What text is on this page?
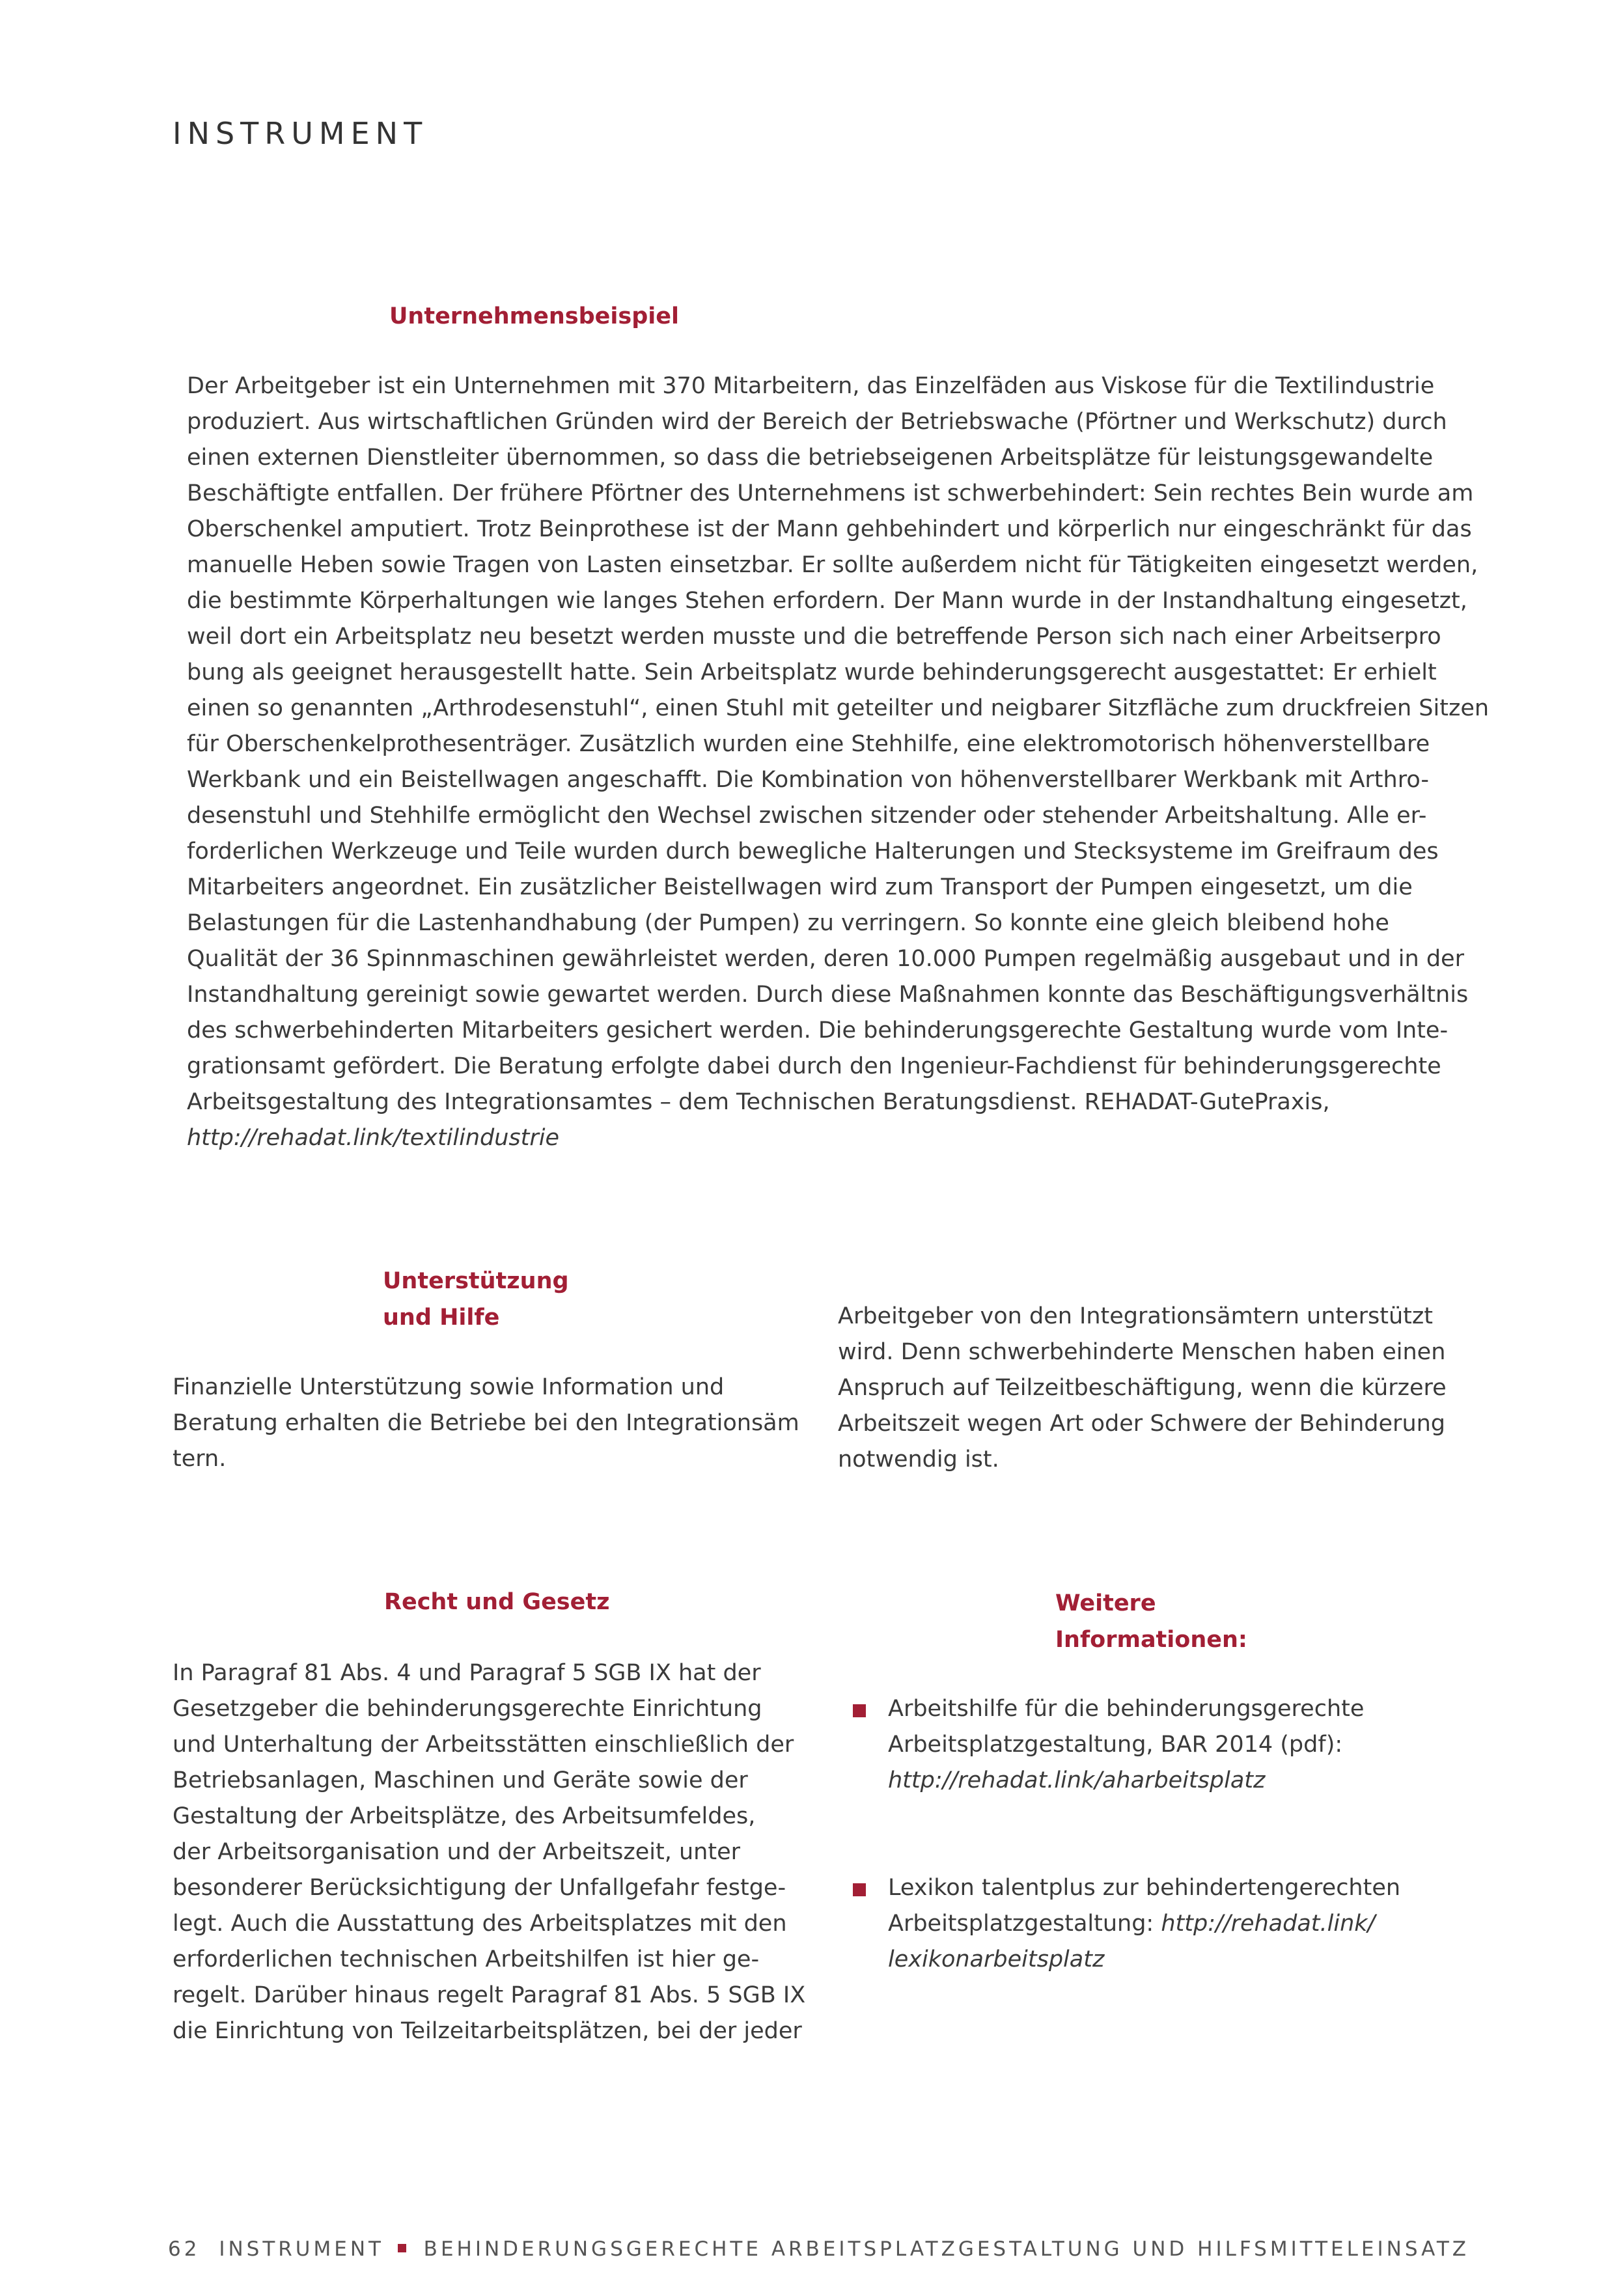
INSTRUMENT
Unternehmensbeispiel
Der Arbeitgeber ist ein Unternehmen mit 370 Mitarbeitern, das Einzelfäden aus Viskose für die Textilindustrie
produziert. Aus wirtschaftlichen Gründen wird der Bereich der Betriebswache (Pförtner und Werkschutz) durch
einen externen Dienstleiter übernommen, so dass die betriebseigenen Arbeitsplätze für leistungsgewandelte
Beschäftigte entfallen. Der frühere Pförtner des Unternehmens ist schwerbehindert: Sein rechtes Bein wurde am
Oberschenkel amputiert. Trotz Beinprothese ist der Mann gehbehindert und körperlich nur eingeschränkt für das
manuelle Heben sowie Tragen von Lasten einsetzbar. Er sollte außerdem nicht für Tätigkeiten eingesetzt werden,
die bestimmte Körperhaltungen wie langes Stehen erfordern. Der Mann wurde in der Instandhaltung eingesetzt,
weil dort ein Arbeitsplatz neu besetzt werden musste und die betreffende Person sich nach einer Arbeitserpro
bung als geeignet herausgestellt hatte. Sein Arbeitsplatz wurde behinderungsgerecht ausgestattet: Er erhielt
einen so genannten „Arthrodesenstuhl“, einen Stuhl mit geteilter und neigbarer Sitzfläche zum druckfreien Sitzen
für Oberschenkelprothesenträger. Zusätzlich wurden eine Stehhilfe, eine elektromotorisch höhenverstellbare
Werkbank und ein Beistellwagen angeschafft. Die Kombination von höhenverstellbarer Werkbank mit Arthro-
desenstuhl und Stehhilfe ermöglicht den Wechsel zwischen sitzender oder stehender Arbeitshaltung. Alle er-
forderlichen Werkzeuge und Teile wurden durch bewegliche Halterungen und Stecksysteme im Greifraum des
Mitarbeiters angeordnet. Ein zusätzlicher Beistellwagen wird zum Transport der Pumpen eingesetzt, um die
Belastungen für die Lastenhandhabung (der Pumpen) zu verringern. So konnte eine gleich bleibend hohe
Qualität der 36 Spinnmaschinen gewährleistet werden, deren 10.000 Pumpen regelmäßig ausgebaut und in der
Instandhaltung gereinigt sowie gewartet werden. Durch diese Maßnahmen konnte das Beschäftigungsverhältnis
des schwerbehinderten Mitarbeiters gesichert werden. Die behinderungsgerechte Gestaltung wurde vom Inte-
grationsamt gefördert. Die Beratung erfolgte dabei durch den Ingenieur-Fachdienst für behinderungsgerechte
Arbeitsgestaltung des Integrationsamtes – dem Technischen Beratungsdienst. REHADAT-GutePraxis,
http://rehadat.link/textilindustrie
Unterstützung
und Hilfe
Finanzielle Unterstützung sowie Information und
Beratung erhalten die Betriebe bei den Integrationsäm
tern.
Arbeitgeber von den Integrationsämtern unterstützt
wird. Denn schwerbehinderte Menschen haben einen
Anspruch auf Teilzeitbeschäftigung, wenn die kürzere
Arbeitszeit wegen Art oder Schwere der Behinderung
notwendig ist.
Recht und Gesetz
In Paragraf 81 Abs. 4 und Paragraf 5 SGB IX hat der
Gesetzgeber die behinderungsgerechte Einrichtung
und Unterhaltung der Arbeitsstätten einschließlich der
Betriebsanlagen, Maschinen und Geräte sowie der
Gestaltung der Arbeitsplätze, des Arbeitsumfeldes,
der Arbeitsorganisation und der Arbeitszeit, unter
besonderer Berücksichtigung der Unfallgefahr festge-
legt. Auch die Ausstattung des Arbeitsplatzes mit den
erforderlichen technischen Arbeitshilfen ist hier ge-
regelt. Darüber hinaus regelt Paragraf 81 Abs. 5 SGB IX
die Einrichtung von Teilzeitarbeitsplätzen, bei der jeder
Weitere
Informationen:
Arbeitshilfe für die behinderungsgerechte
Arbeitsplatzgestaltung, BAR 2014 (pdf):
http://rehadat.link/aharbeitsplatz
Lexikon talentplus zur behindertengerechten
Arbeitsplatzgestaltung: http://rehadat.link/
lexikonarbeitsplatz
62 INSTRUMENT BEHINDERUNGSGERECHTE ARBEITSPLATZGESTALTUNG UND HILFSMITTELEINSATZ
